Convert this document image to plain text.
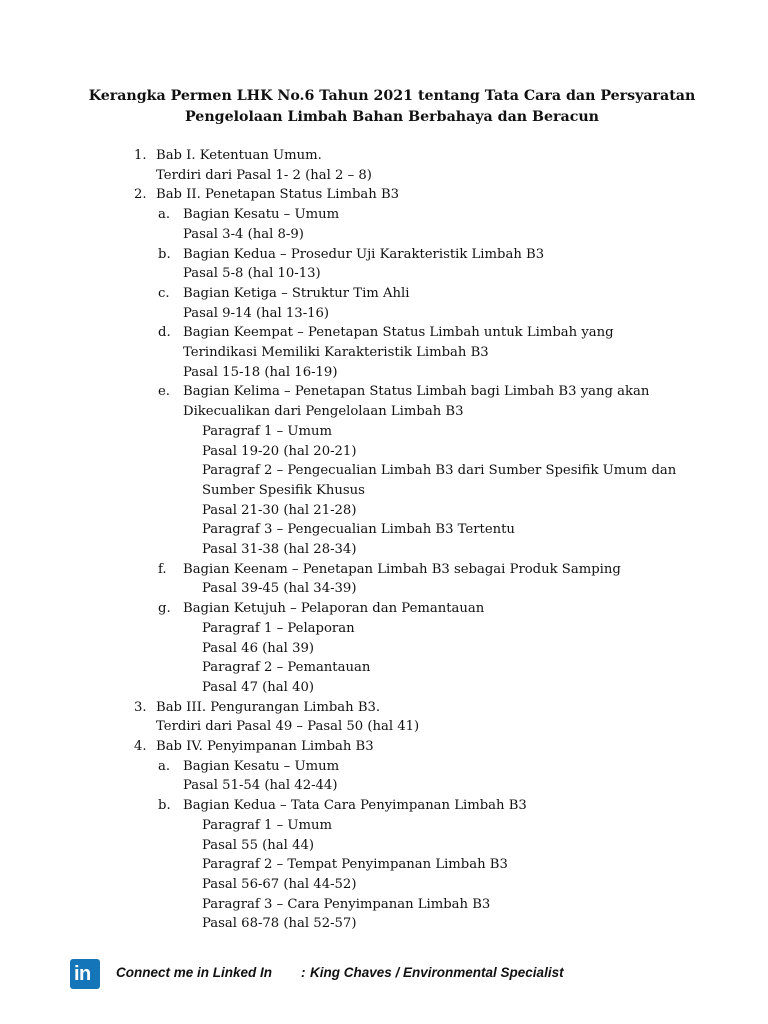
Kerangka Permen LHK No.6 Tahun 2021 tentang Tata Cara dan Persyaratan
Pengelolaan Limbah Bahan Berbahaya dan Beracun
1. Bab I. Ketentuan Umum.
Terdiri dari Pasal 1- 2 (hal 2 – 8)
2. Bab II. Penetapan Status Limbah B3
a. Bagian Kesatu – Umum
Pasal 3-4 (hal 8-9)
b. Bagian Kedua – Prosedur Uji Karakteristik Limbah B3
Pasal 5-8 (hal 10-13)
c. Bagian Ketiga – Struktur Tim Ahli
Pasal 9-14 (hal 13-16)
d. Bagian Keempat – Penetapan Status Limbah untuk Limbah yang
Terindikasi Memiliki Karakteristik Limbah B3
Pasal 15-18 (hal 16-19)
e. Bagian Kelima – Penetapan Status Limbah bagi Limbah B3 yang akan
Dikecualikan dari Pengelolaan Limbah B3
Paragraf 1 – Umum
Pasal 19-20 (hal 20-21)
Paragraf 2 – Pengecualian Limbah B3 dari Sumber Spesifik Umum dan
Sumber Spesifik Khusus
Pasal 21-30 (hal 21-28)
Paragraf 3 – Pengecualian Limbah B3 Tertentu
Pasal 31-38 (hal 28-34)
f. Bagian Keenam – Penetapan Limbah B3 sebagai Produk Samping
Pasal 39-45 (hal 34-39)
g. Bagian Ketujuh – Pelaporan dan Pemantauan
Paragraf 1 – Pelaporan
Pasal 46 (hal 39)
Paragraf 2 – Pemantauan
Pasal 47 (hal 40)
3. Bab III. Pengurangan Limbah B3.
Terdiri dari Pasal 49 – Pasal 50 (hal 41)
4. Bab IV. Penyimpanan Limbah B3
a. Bagian Kesatu – Umum
Pasal 51-54 (hal 42-44)
b. Bagian Kedua – Tata Cara Penyimpanan Limbah B3
Paragraf 1 – Umum
Pasal 55 (hal 44)
Paragraf 2 – Tempat Penyimpanan Limbah B3
Pasal 56-67 (hal 44-52)
Paragraf 3 – Cara Penyimpanan Limbah B3
Pasal 68-78 (hal 52-57)
in Connect me in Linked In : King Chaves / Environmental Specialist
